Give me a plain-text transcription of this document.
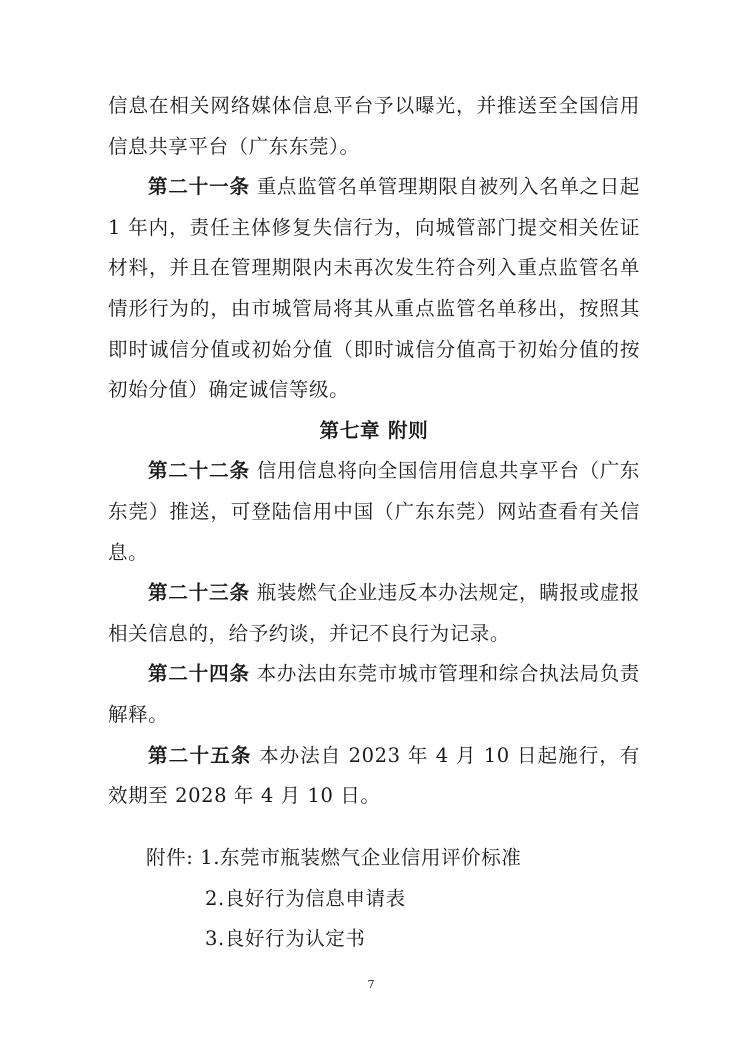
信息在相关网络媒体信息平台予以曝光，并推送至全国信用信息共享平台（广东东莞）。

第二十一条 重点监管名单管理期限自被列入名单之日起 1 年内，责任主体修复失信行为，向城管部门提交相关佐证材料，并且在管理期限内未再次发生符合列入重点监管名单情形行为的，由市城管局将其从重点监管名单移出，按照其即时诚信分值或初始分值（即时诚信分值高于初始分值的按初始分值）确定诚信等级。

第七章 附则

第二十二条 信用信息将向全国信用信息共享平台（广东东莞）推送，可登陆信用中国（广东东莞）网站查看有关信息。

第二十三条 瓶装燃气企业违反本办法规定，瞒报或虚报相关信息的，给予约谈，并记不良行为记录。

第二十四条 本办法由东莞市城市管理和综合执法局负责解释。

第二十五条 本办法自 2023 年 4 月 10 日起施行，有效期至 2028 年 4 月 10 日。

附件: 1.东莞市瓶装燃气企业信用评价标准
2.良好行为信息申请表
3.良好行为认定书
7
